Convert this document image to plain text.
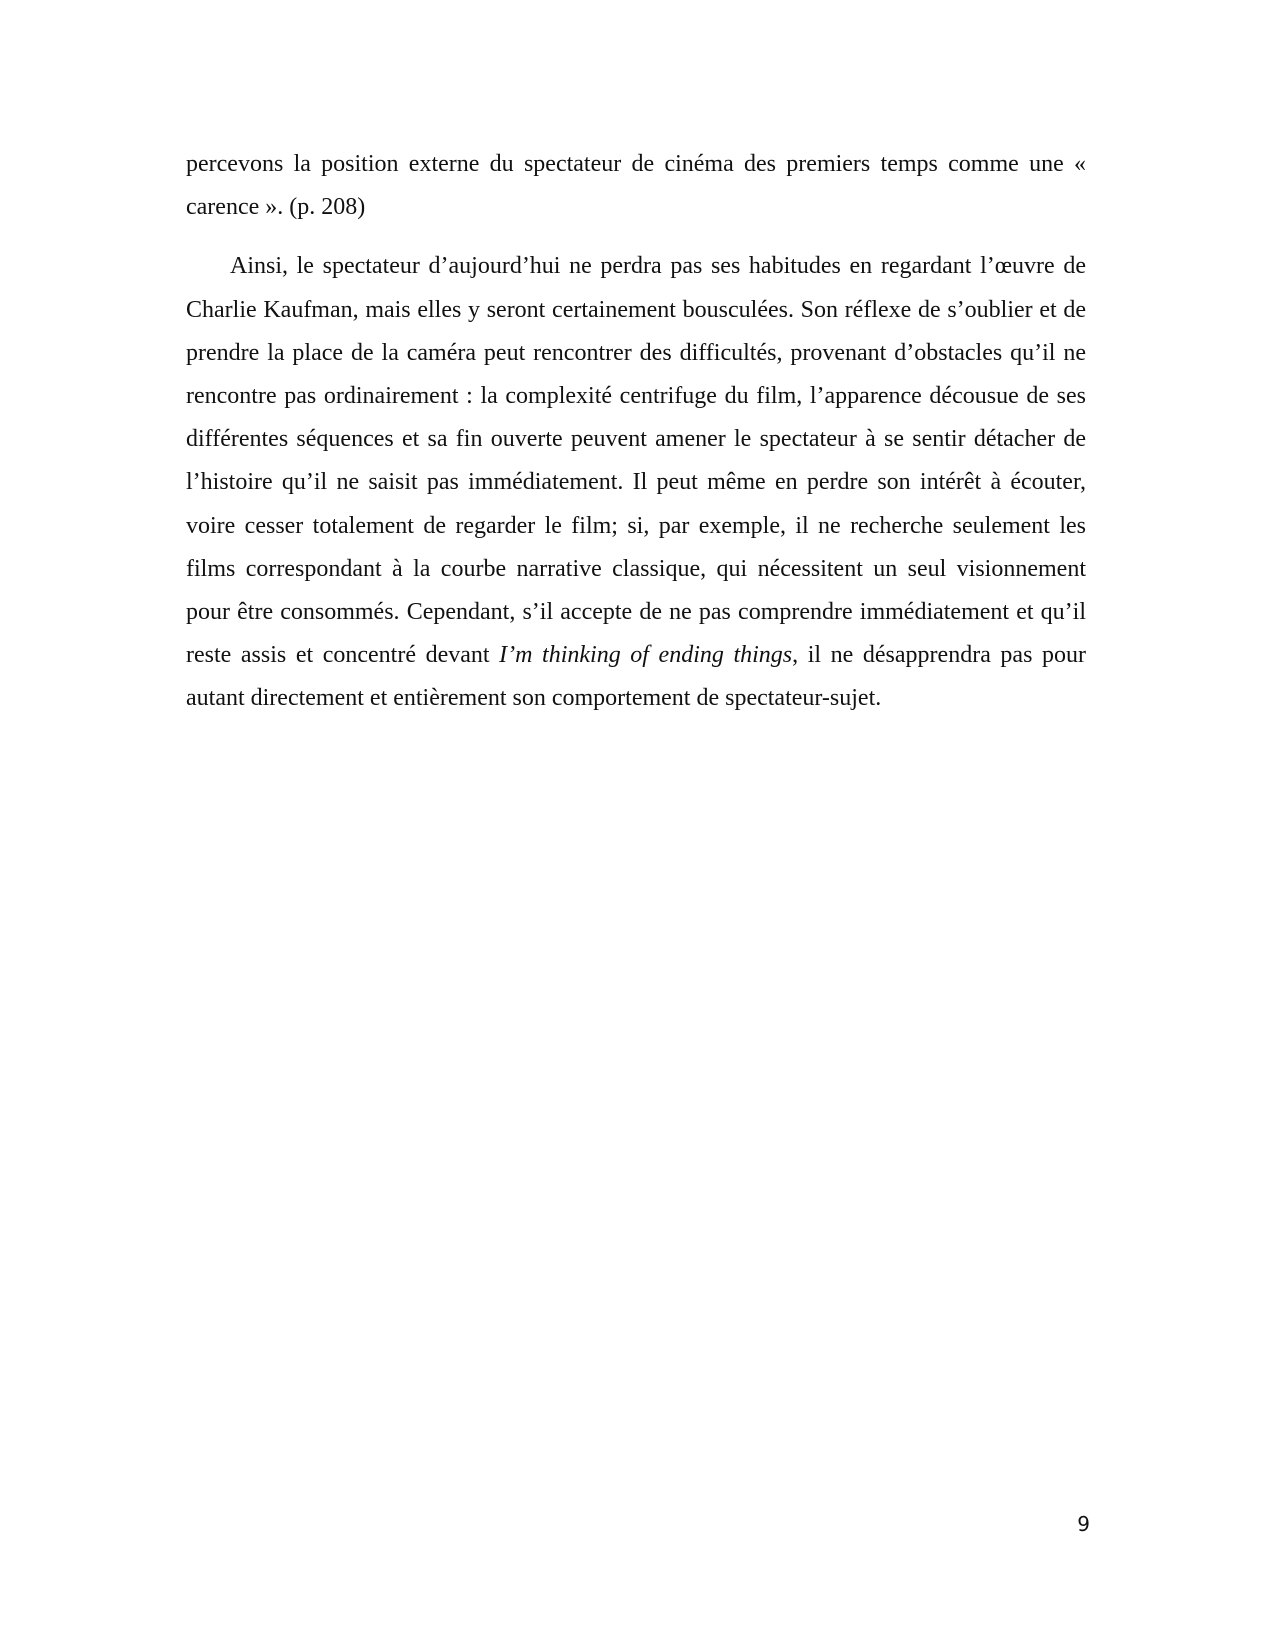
percevons la position externe du spectateur de cinéma des premiers temps comme une « carence ». (p. 208)

Ainsi, le spectateur d’aujourd’hui ne perdra pas ses habitudes en regardant l’œuvre de Charlie Kaufman, mais elles y seront certainement bousculées. Son réflexe de s’oublier et de prendre la place de la caméra peut rencontrer des difficultés, provenant d’obstacles qu’il ne rencontre pas ordinairement : la complexité centrifuge du film, l’apparence décousue de ses différentes séquences et sa fin ouverte peuvent amener le spectateur à se sentir détacher de l’histoire qu’il ne saisit pas immédiatement. Il peut même en perdre son intérêt à écouter, voire cesser totalement de regarder le film; si, par exemple, il ne recherche seulement les films correspondant à la courbe narrative classique, qui nécessitent un seul visionnement pour être consommés. Cependant, s’il accepte de ne pas comprendre immédiatement et qu’il reste assis et concentré devant I’m thinking of ending things, il ne désapprendra pas pour autant directement et entièrement son comportement de spectateur-sujet.

9
